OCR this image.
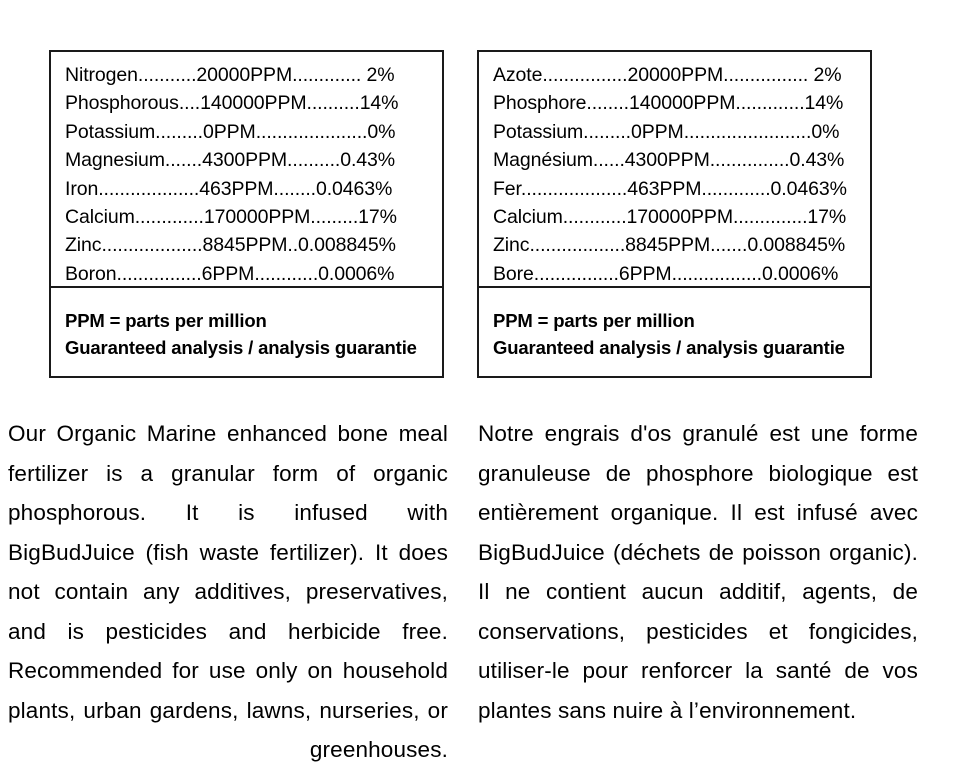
Nitrogen...........20000PPM............. 2%
Phosphorous....140000PPM..........14%
Potassium.........0PPM.....................0%
Magnesium.......4300PPM..........0.43%
Iron...................463PPM........0.0463%
Calcium.............170000PPM.........17%
Zinc...................8845PPM..0.008845%
Boron................6PPM............0.0006%
PPM = parts per million
Guaranteed analysis / analysis guarantie
Azote................20000PPM................ 2%
Phosphore........140000PPM.............14%
Potassium.........0PPM........................0%
Magnésium......4300PPM...............0.43%
Fer....................463PPM.............0.0463%
Calcium............170000PPM..............17%
Zinc..................8845PPM.......0.008845%
Bore................6PPM.................0.0006%
PPM = parts per million
Guaranteed analysis / analysis guarantie

Our Organic Marine enhanced bone meal fertilizer is a granular form of organic phosphorous. It is infused with BigBudJuice (fish waste fertilizer). It does not contain any additives, preservatives, and is pesticides and herbicide free. Recommended for use only on household plants, urban gardens, lawns, nurseries, or greenhouses.

Notre engrais d'os granulé est une forme granuleuse de phosphore biologique est entièrement organique. Il est infusé avec BigBudJuice (déchets de poisson organic). Il ne contient aucun additif, agents, de conservations, pesticides et fongicides, utiliser-le pour renforcer la santé de vos plantes sans nuire à l’environnement.
